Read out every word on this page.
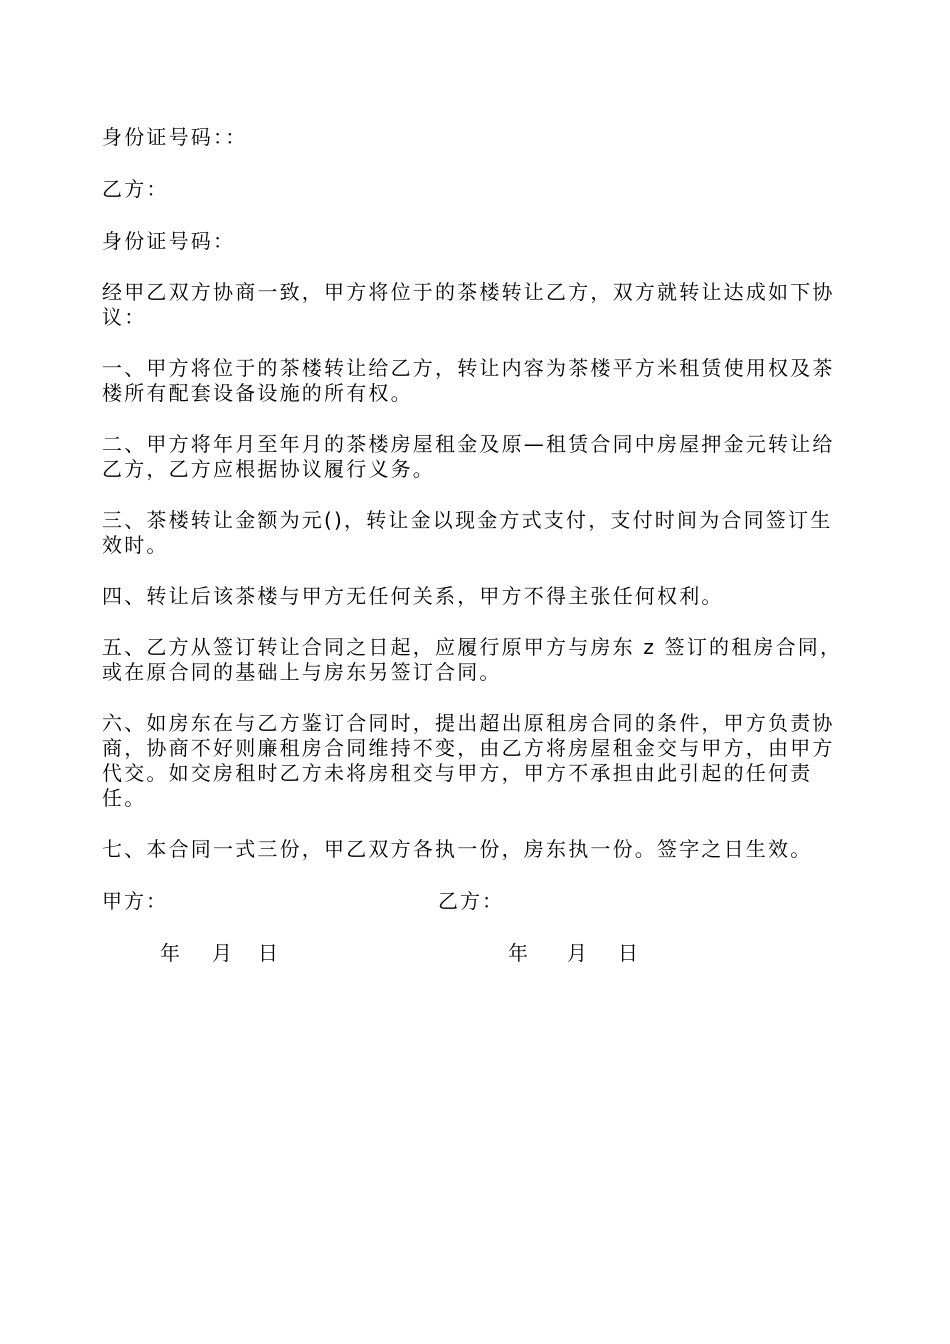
身份证号码：：
乙方：
身份证号码：
经甲乙双方协商一致，甲方将位于的茶楼转让乙方，双方就转让达成如下协议：
一、甲方将位于的茶楼转让给乙方，转让内容为茶楼平方米租赁使用权及茶楼所有配套设备设施的所有权。
二、甲方将年月至年月的茶楼房屋租金及原—租赁合同中房屋押金元转让给乙方，乙方应根据协议履行义务。
三、茶楼转让金额为元()，转让金以现金方式支付，支付时间为合同签订生效时。
四、转让后该茶楼与甲方无任何关系，甲方不得主张任何权利。
五、乙方从签订转让合同之日起，应履行原甲方与房东 z 签订的租房合同，或在原合同的基础上与房东另签订合同。
六、如房东在与乙方鉴订合同时，提出超出原租房合同的条件，甲方负责协商，协商不好则廉租房合同维持不变，由乙方将房屋租金交与甲方，由甲方代交。如交房租时乙方未将房租交与甲方，甲方不承担由此引起的任何责任。
七、本合同一式三份，甲乙双方各执一份，房东执一份。签字之日生效。
甲方：	乙方：
年 月 日	年 月 日
